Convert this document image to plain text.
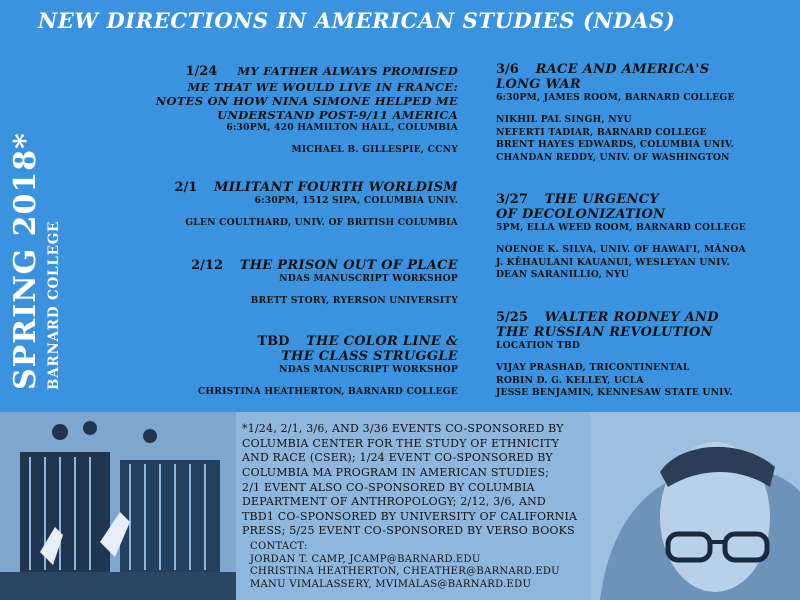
NEW DIRECTIONS IN AMERICAN STUDIES (NDAS)
SPRING 2018* BARNARD COLLEGE
1/24 MY FATHER ALWAYS PROMISED
ME THAT WE WOULD LIVE IN FRANCE:
NOTES ON HOW NINA SIMONE HELPED ME
UNDERSTAND POST-9/11 AMERICA
6:30PM, 420 HAMILTON HALL, COLUMBIA
MICHAEL B. GILLESPIE, CCNY
2/1 MILITANT FOURTH WORLDISM
6:30PM, 1512 SIPA, COLUMBIA UNIV.
GLEN COULTHARD, UNIV. OF BRITISH COLUMBIA
2/12 THE PRISON OUT OF PLACE
NDAS MANUSCRIPT WORKSHOP
BRETT STORY, RYERSON UNIVERSITY
TBD THE COLOR LINE &
THE CLASS STRUGGLE
NDAS MANUSCRIPT WORKSHOP
CHRISTINA HEATHERTON, BARNARD COLLEGE
3/6 RACE AND AMERICA'S
LONG WAR
6:30PM, JAMES ROOM, BARNARD COLLEGE
NIKHIL PAL SINGH, NYU
NEFERTI TADIAR, BARNARD COLLEGE
BRENT HAYES EDWARDS, COLUMBIA UNIV.
CHANDAN REDDY, UNIV. OF WASHINGTON
3/27 THE URGENCY
OF DECOLONIZATION
5PM, ELLA WEED ROOM, BARNARD COLLEGE
NOENOE K. SILVA, UNIV. OF HAWAI'I, MĀNOA
J. KĒHAULANI KAUANUI, WESLEYAN UNIV.
DEAN SARANILLIO, NYU
5/25 WALTER RODNEY AND
THE RUSSIAN REVOLUTION
LOCATION TBD
VIJAY PRASHAD, TRICONTINENTAL
ROBIN D. G. KELLEY, UCLA
JESSE BENJAMIN, KENNESAW STATE UNIV.
*1/24, 2/1, 3/6, AND 3/36 EVENTS CO-SPONSORED BY
COLUMBIA CENTER FOR THE STUDY OF ETHNICITY
AND RACE (CSER); 1/24 EVENT CO-SPONSORED BY
COLUMBIA MA PROGRAM IN AMERICAN STUDIES;
2/1 EVENT ALSO CO-SPONSORED BY COLUMBIA
DEPARTMENT OF ANTHROPOLOGY; 2/12, 3/6, AND
TBD1 CO-SPONSORED BY UNIVERSITY OF CALIFORNIA
PRESS; 5/25 EVENT CO-SPONSORED BY VERSO BOOKS
CONTACT:
JORDAN T. CAMP, JCAMP@BARNARD.EDU
CHRISTINA HEATHERTON, CHEATHER@BARNARD.EDU
MANU VIMALASSERY, MVIMALAS@BARNARD.EDU
